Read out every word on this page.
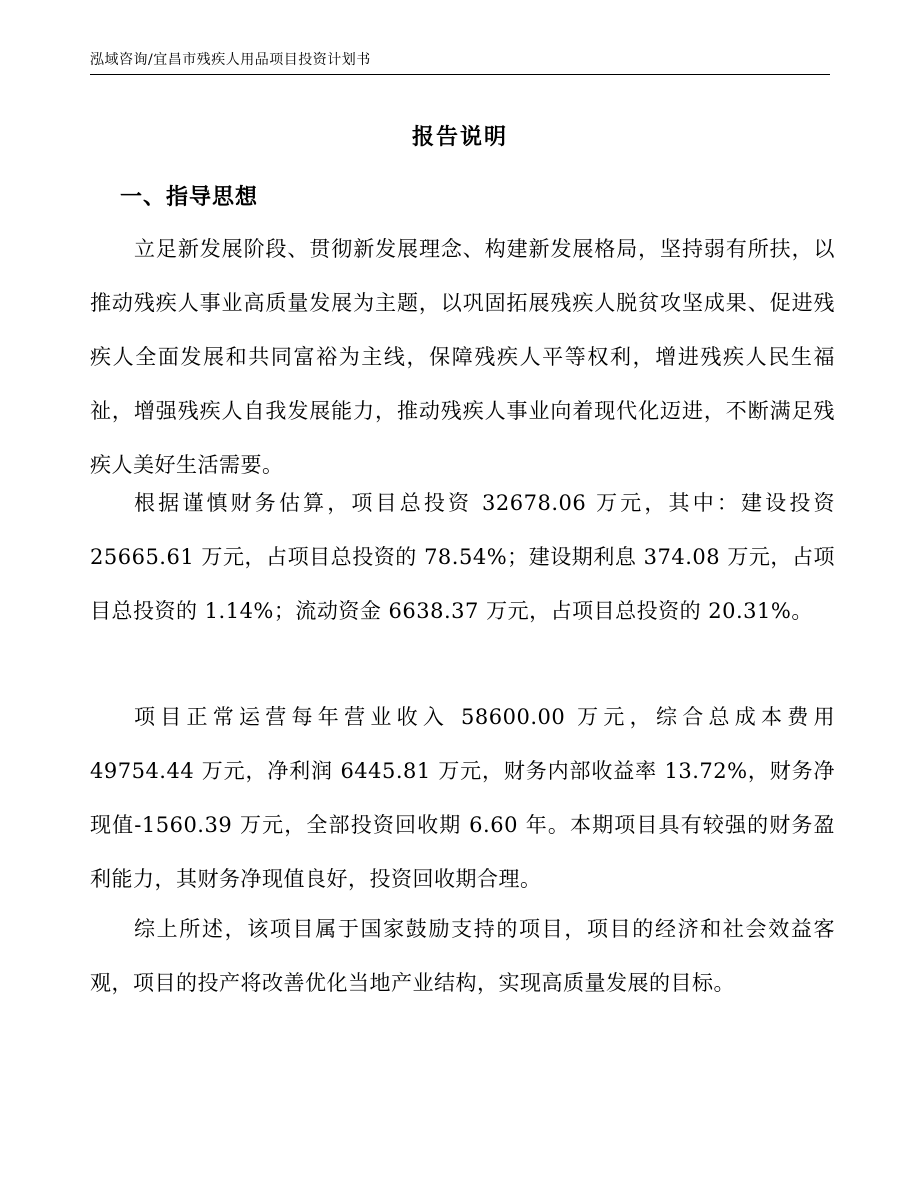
泓域咨询/宜昌市残疾人用品项目投资计划书
报告说明
一、指导思想

立足新发展阶段、贯彻新发展理念、构建新发展格局，坚持弱有所扶，以推动残疾人事业高质量发展为主题，以巩固拓展残疾人脱贫攻坚成果、促进残疾人全面发展和共同富裕为主线，保障残疾人平等权利，增进残疾人民生福祉，增强残疾人自我发展能力，推动残疾人事业向着现代化迈进，不断满足残疾人美好生活需要。

根据谨慎财务估算，项目总投资 32678.06 万元，其中：建设投资 25665.61 万元，占项目总投资的 78.54%；建设期利息 374.08 万元，占项目总投资的 1.14%；流动资金 6638.37 万元，占项目总投资的 20.31%。

项目正常运营每年营业收入 58600.00 万元，综合总成本费用 49754.44 万元，净利润 6445.81 万元，财务内部收益率 13.72%，财务净现值-1560.39 万元，全部投资回收期 6.60 年。本期项目具有较强的财务盈利能力，其财务净现值良好，投资回收期合理。

综上所述，该项目属于国家鼓励支持的项目，项目的经济和社会效益客观，项目的投产将改善优化当地产业结构，实现高质量发展的目标。
